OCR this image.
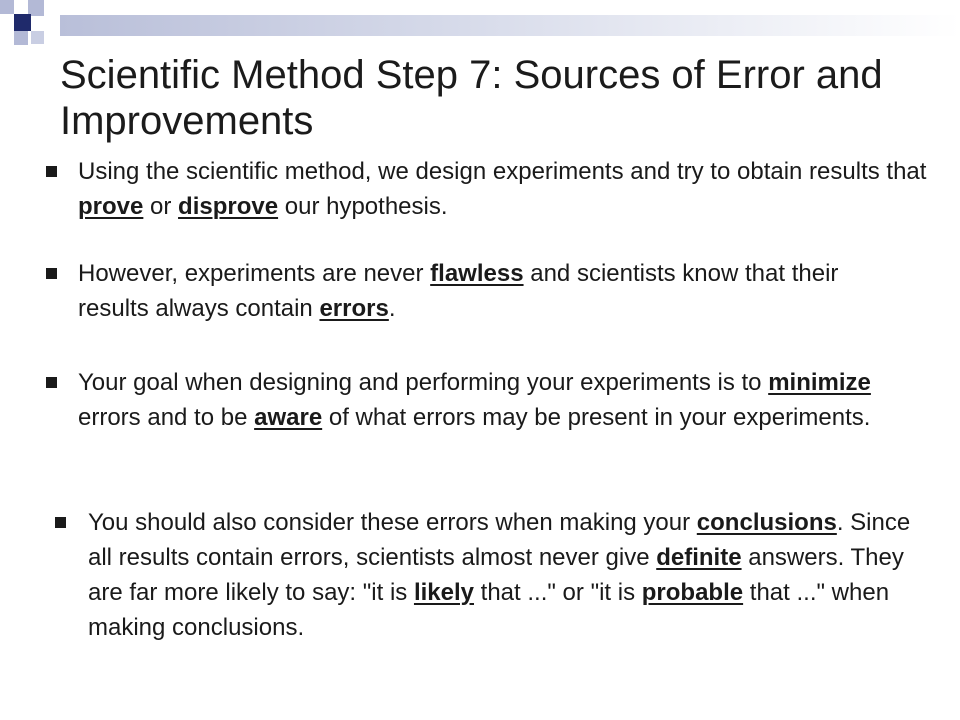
Scientific Method Step 7: Sources of Error and Improvements
Using the scientific method, we design experiments and try to obtain results that prove or disprove our hypothesis.
However, experiments are never flawless and scientists know that their results always contain errors.
Your goal when designing and performing your experiments is to minimize errors and to be aware of what errors may be present in your experiments.
You should also consider these errors when making your conclusions. Since all results contain errors, scientists almost never give definite answers. They are far more likely to say: "it is likely that ..." or "it is probable that ..." when making conclusions.
